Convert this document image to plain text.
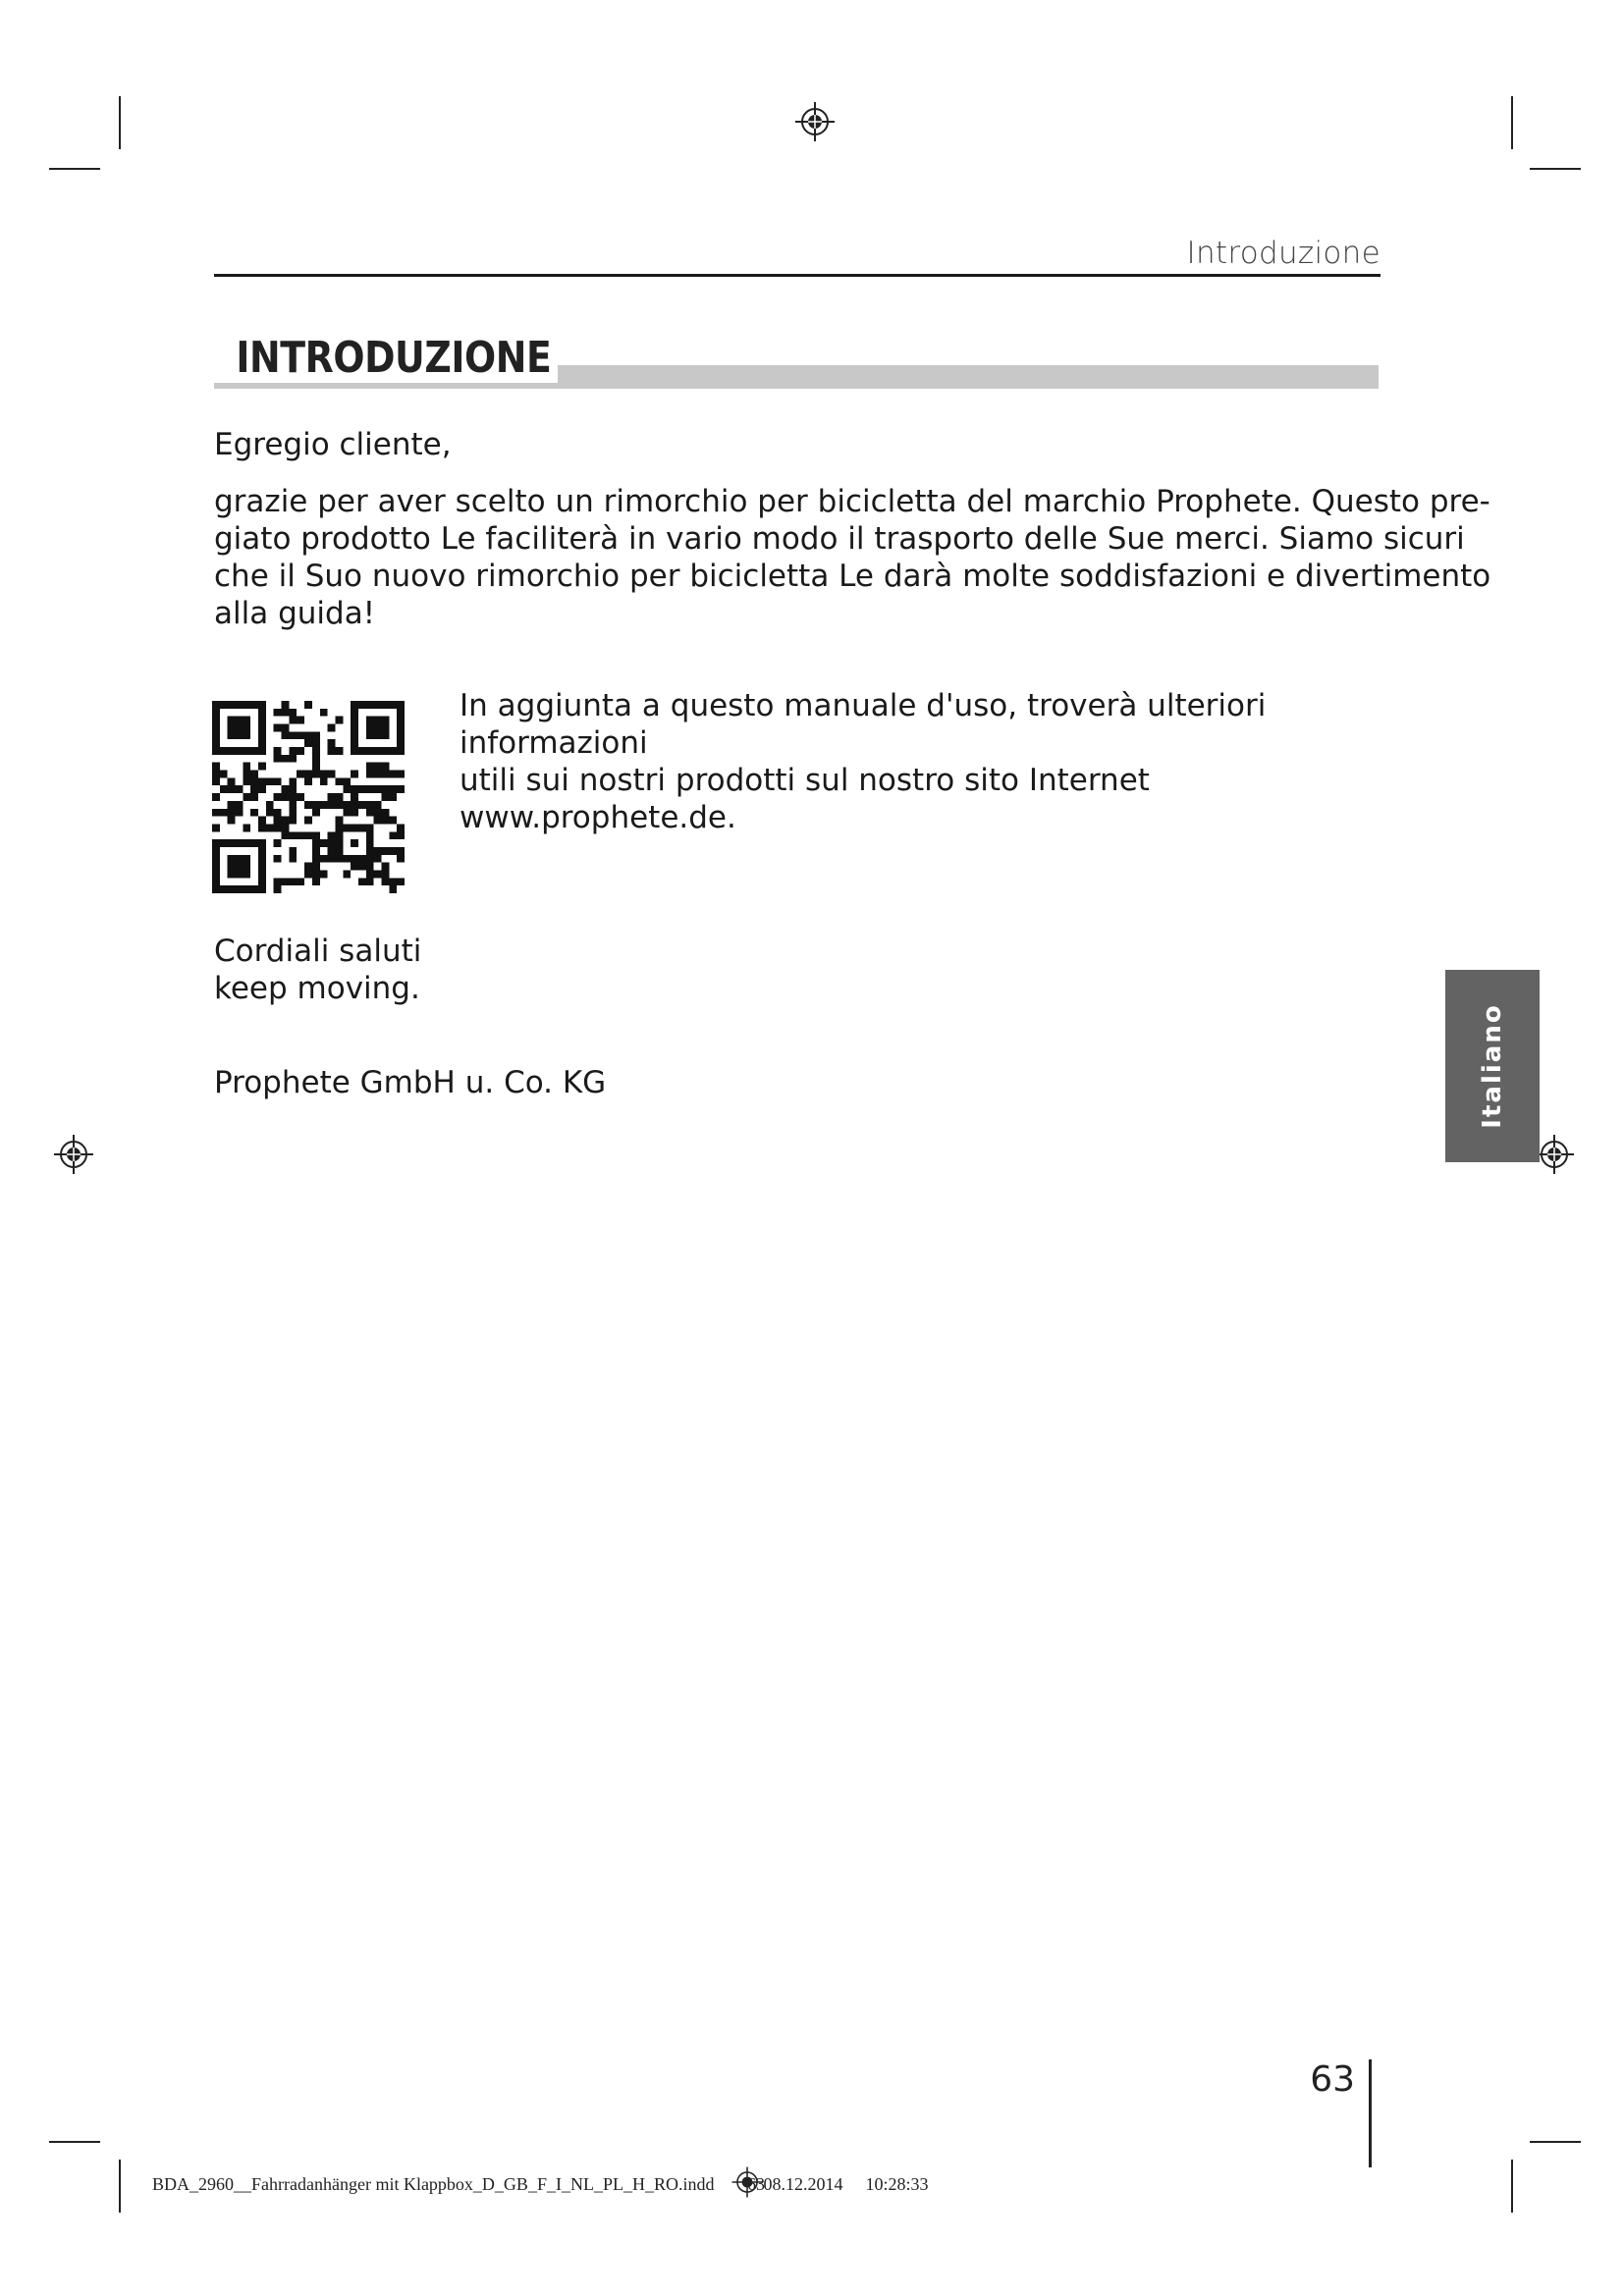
Introduzione
INTRODUZIONE
Egregio cliente,
grazie per aver scelto un rimorchio per bicicletta del marchio Prophete. Questo pre-
giato prodotto Le faciliterà in vario modo il trasporto delle Sue merci. Siamo sicuri
che il Suo nuovo rimorchio per bicicletta Le darà molte soddisfazioni e divertimento
alla guida!
In aggiunta a questo manuale d'uso, troverà ulteriori informazioni
utili sui nostri prodotti sul nostro sito Internet www.prophete.de.
Cordiali saluti
keep moving.
Prophete GmbH u. Co. KG	Italiano
63
BDA_2960__Fahrradanhänger mit Klappbox_D_GB_F_I_NL_PL_H_RO.indd 63 08.12.2014 10:28:33
